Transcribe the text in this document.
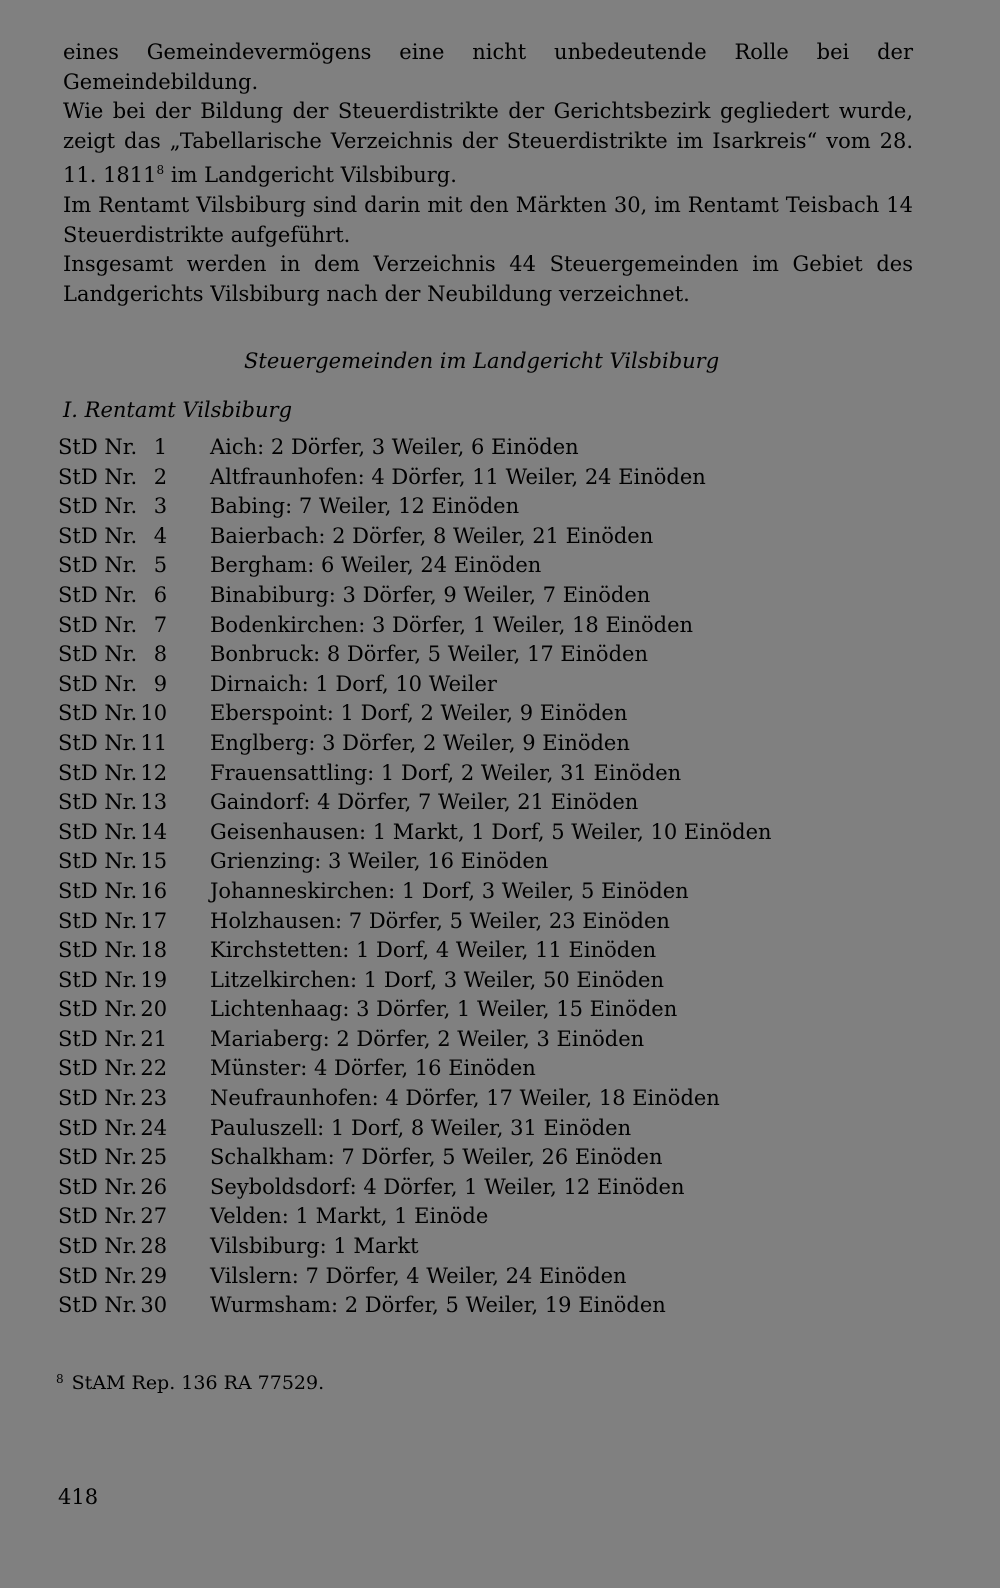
eines Gemeindevermögens eine nicht unbedeutende Rolle bei der Gemeindebildung.

Wie bei der Bildung der Steuerdistrikte der Gerichtsbezirk gegliedert wurde, zeigt das „Tabellarische Verzeichnis der Steuerdistrikte im Isarkreis“ vom 28. 11. 1811$^8$ im Landgericht Vilsbiburg.

Im Rentamt Vilsbiburg sind darin mit den Märkten 30, im Rentamt Teisbach 14 Steuerdistrikte aufgeführt.

Insgesamt werden in dem Verzeichnis 44 Steuergemeinden im Gebiet des Landgerichts Vilsbiburg nach der Neubildung verzeichnet.

Steuergemeinden im Landgericht Vilsbiburg
I. Rentamt Vilsbiburg
StD Nr. 1	Aich: 2 Dörfer, 3 Weiler, 6 Einöden
StD Nr. 2	Altfraunhofen: 4 Dörfer, 11 Weiler, 24 Einöden
StD Nr. 3	Babing: 7 Weiler, 12 Einöden
StD Nr. 4	Baierbach: 2 Dörfer, 8 Weiler, 21 Einöden
StD Nr. 5	Bergham: 6 Weiler, 24 Einöden
StD Nr. 6	Binabiburg: 3 Dörfer, 9 Weiler, 7 Einöden
StD Nr. 7	Bodenkirchen: 3 Dörfer, 1 Weiler, 18 Einöden
StD Nr. 8	Bonbruck: 8 Dörfer, 5 Weiler, 17 Einöden
StD Nr. 9	Dirnaich: 1 Dorf, 10 Weiler
StD Nr. 10	Eberspoint: 1 Dorf, 2 Weiler, 9 Einöden
StD Nr. 11	Englberg: 3 Dörfer, 2 Weiler, 9 Einöden
StD Nr. 12	Frauensattling: 1 Dorf, 2 Weiler, 31 Einöden
StD Nr. 13	Gaindorf: 4 Dörfer, 7 Weiler, 21 Einöden
StD Nr. 14	Geisenhausen: 1 Markt, 1 Dorf, 5 Weiler, 10 Einöden
StD Nr. 15	Grienzing: 3 Weiler, 16 Einöden
StD Nr. 16	Johanneskirchen: 1 Dorf, 3 Weiler, 5 Einöden
StD Nr. 17	Holzhausen: 7 Dörfer, 5 Weiler, 23 Einöden
StD Nr. 18	Kirchstetten: 1 Dorf, 4 Weiler, 11 Einöden
StD Nr. 19	Litzelkirchen: 1 Dorf, 3 Weiler, 50 Einöden
StD Nr. 20	Lichtenhaag: 3 Dörfer, 1 Weiler, 15 Einöden
StD Nr. 21	Mariaberg: 2 Dörfer, 2 Weiler, 3 Einöden
StD Nr. 22	Münster: 4 Dörfer, 16 Einöden
StD Nr. 23	Neufraunhofen: 4 Dörfer, 17 Weiler, 18 Einöden
StD Nr. 24	Pauluszell: 1 Dorf, 8 Weiler, 31 Einöden
StD Nr. 25	Schalkham: 7 Dörfer, 5 Weiler, 26 Einöden
StD Nr. 26	Seyboldsdorf: 4 Dörfer, 1 Weiler, 12 Einöden
StD Nr. 27	Velden: 1 Markt, 1 Einöde
StD Nr. 28	Vilsbiburg: 1 Markt
StD Nr. 29	Vilslern: 7 Dörfer, 4 Weiler, 24 Einöden
StD Nr. 30	Wurmsham: 2 Dörfer, 5 Weiler, 19 Einöden
$^8$ StAM Rep. 136 RA 77529.
418
